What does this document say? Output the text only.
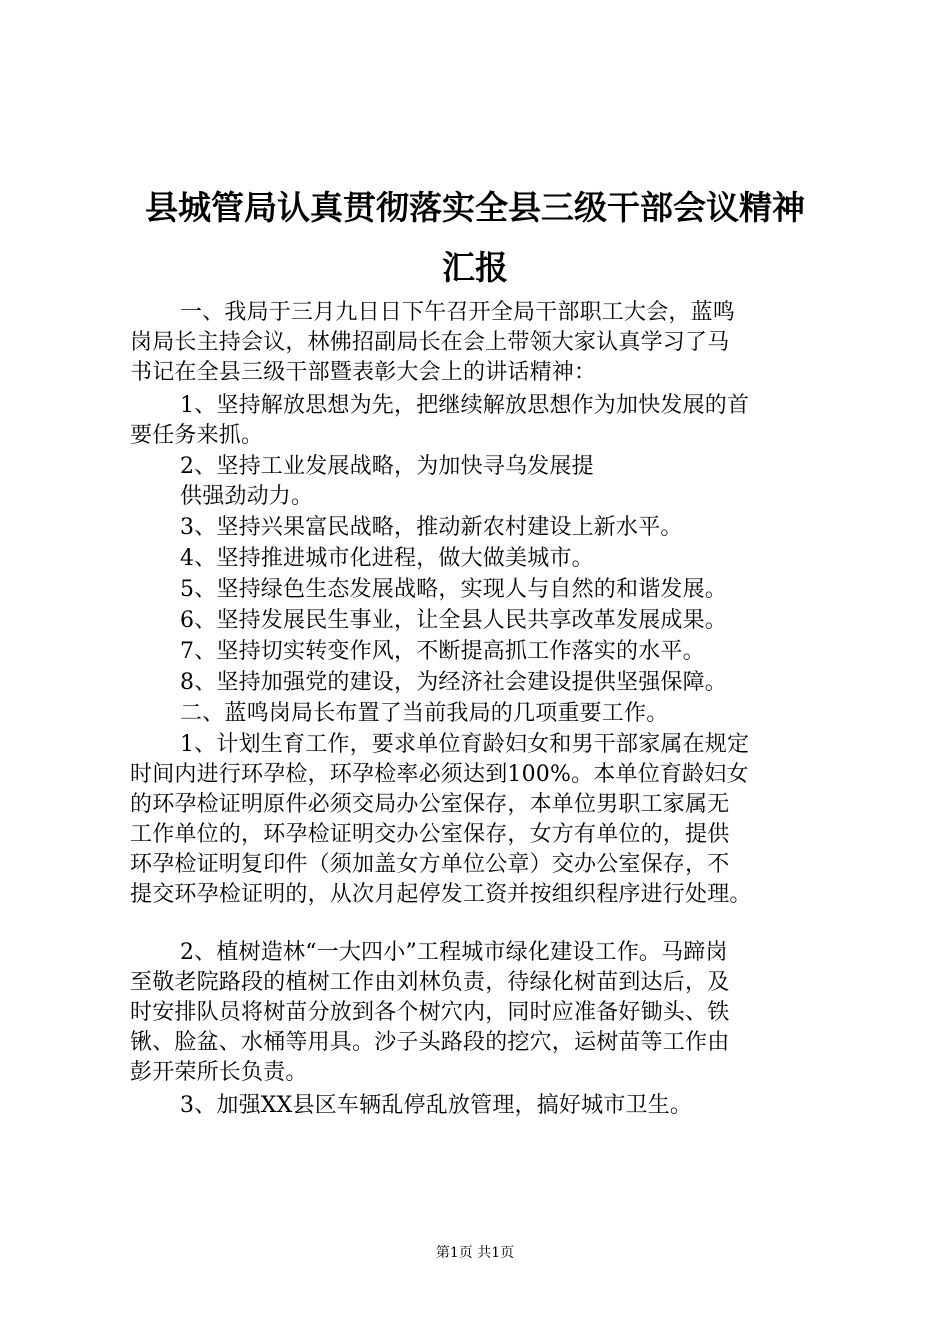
县城管局认真贯彻落实全县三级干部会议精神
汇报
一、我局于三月九日日下午召开全局干部职工大会，蓝鸣
岗局长主持会议，林佛招副局长在会上带领大家认真学习了马
书记在全县三级干部暨表彰大会上的讲话精神：
1、坚持解放思想为先，把继续解放思想作为加快发展的首
要任务来抓。
2、坚持工业发展战略，为加快寻乌发展提
供强劲动力。
3、坚持兴果富民战略，推动新农村建设上新水平。
4、坚持推进城市化进程，做大做美城市。
5、坚持绿色生态发展战略，实现人与自然的和谐发展。
6、坚持发展民生事业，让全县人民共享改革发展成果。
7、坚持切实转变作风，不断提高抓工作落实的水平。
8、坚持加强党的建设，为经济社会建设提供坚强保障。
二、蓝鸣岗局长布置了当前我局的几项重要工作。
1、计划生育工作，要求单位育龄妇女和男干部家属在规定
时间内进行环孕检，环孕检率必须达到100%。本单位育龄妇女
的环孕检证明原件必须交局办公室保存，本单位男职工家属无
工作单位的，环孕检证明交办公室保存，女方有单位的，提供
环孕检证明复印件（须加盖女方单位公章）交办公室保存，不
提交环孕检证明的，从次月起停发工资并按组织程序进行处理。
2、植树造林“一大四小”工程城市绿化建设工作。马蹄岗
至敬老院路段的植树工作由刘林负责，待绿化树苗到达后，及
时安排队员将树苗分放到各个树穴内，同时应准备好锄头、铁
锹、脸盆、水桶等用具。沙子头路段的挖穴，运树苗等工作由
彭开荣所长负责。
3、加强XX县区车辆乱停乱放管理，搞好城市卫生。
第1页 共1页
